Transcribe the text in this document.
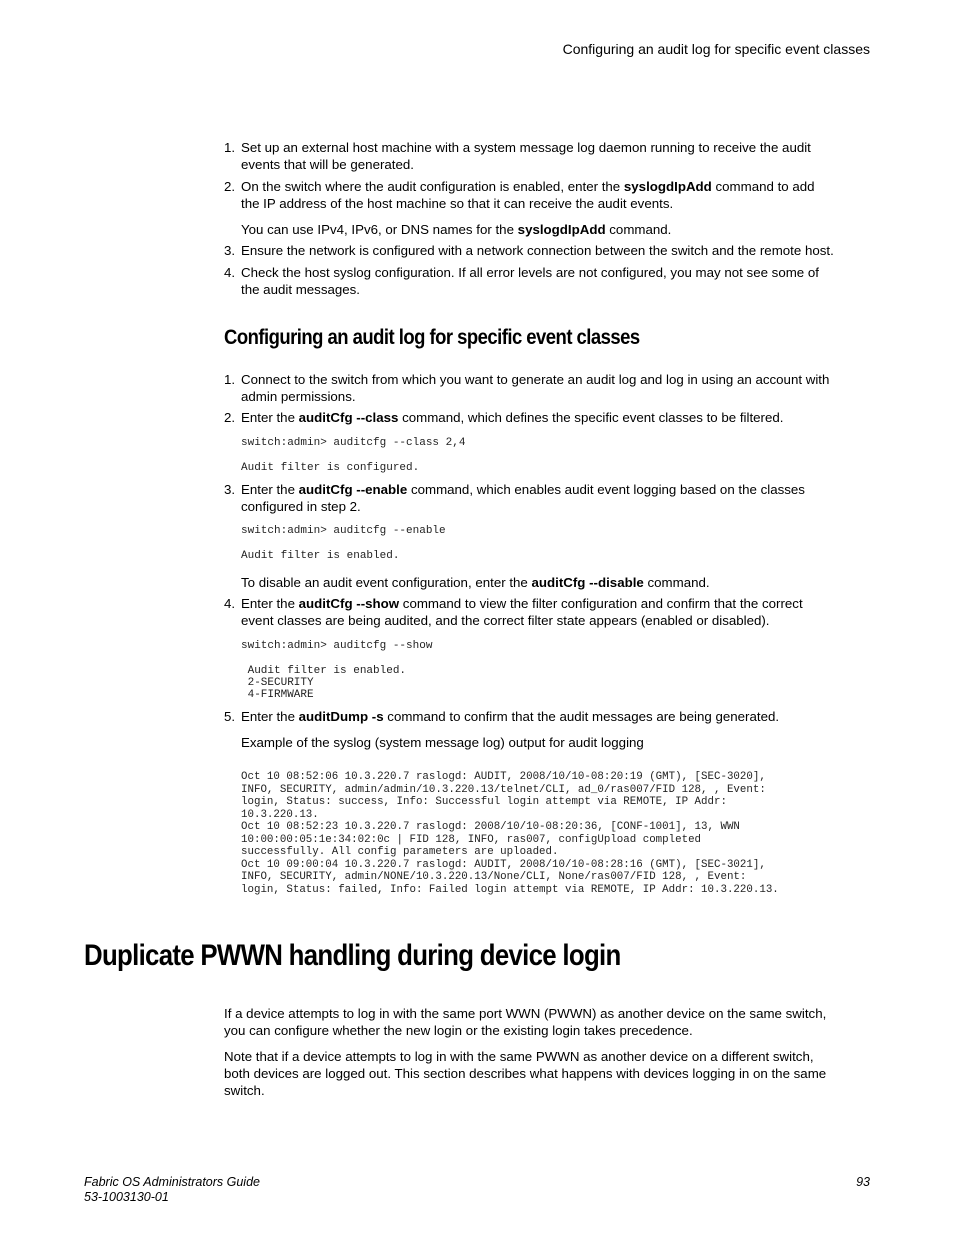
Configuring an audit log for specific event classes
1. Set up an external host machine with a system message log daemon running to receive the audit
events that will be generated.
2. On the switch where the audit configuration is enabled, enter the syslogdIpAdd command to add
the IP address of the host machine so that it can receive the audit events.
You can use IPv4, IPv6, or DNS names for the syslogdIpAdd command.
3. Ensure the network is configured with a network connection between the switch and the remote host.
4. Check the host syslog configuration. If all error levels are not configured, you may not see some of
the audit messages.
Configuring an audit log for specific event classes
1. Connect to the switch from which you want to generate an audit log and log in using an account with
admin permissions.
2. Enter the auditCfg --class command, which defines the specific event classes to be filtered.
switch:admin> auditcfg --class 2,4
Audit filter is configured.
3. Enter the auditCfg --enable command, which enables audit event logging based on the classes
configured in step 2.
switch:admin> auditcfg --enable
Audit filter is enabled.
To disable an audit event configuration, enter the auditCfg --disable command.
4. Enter the auditCfg --show command to view the filter configuration and confirm that the correct
event classes are being audited, and the correct filter state appears (enabled or disabled).
switch:admin> auditcfg --show
Audit filter is enabled.
2-SECURITY
4-FIRMWARE
5. Enter the auditDump -s command to confirm that the audit messages are being generated.
Example of the syslog (system message log) output for audit logging
Oct 10 08:52:06 10.3.220.7 raslogd: AUDIT, 2008/10/10-08:20:19 (GMT), [SEC-3020],
INFO, SECURITY, admin/admin/10.3.220.13/telnet/CLI, ad_0/ras007/FID 128, , Event:
login, Status: success, Info: Successful login attempt via REMOTE, IP Addr:
10.3.220.13.
Oct 10 08:52:23 10.3.220.7 raslogd: 2008/10/10-08:20:36, [CONF-1001], 13, WWN
10:00:00:05:1e:34:02:0c | FID 128, INFO, ras007, configUpload completed
successfully. All config parameters are uploaded.
Oct 10 09:00:04 10.3.220.7 raslogd: AUDIT, 2008/10/10-08:28:16 (GMT), [SEC-3021],
INFO, SECURITY, admin/NONE/10.3.220.13/None/CLI, None/ras007/FID 128, , Event:
login, Status: failed, Info: Failed login attempt via REMOTE, IP Addr: 10.3.220.13.
Duplicate PWWN handling during device login
If a device attempts to log in with the same port WWN (PWWN) as another device on the same switch,
you can configure whether the new login or the existing login takes precedence.
Note that if a device attempts to log in with the same PWWN as another device on a different switch,
both devices are logged out. This section describes what happens with devices logging in on the same
switch.
Fabric OS Administrators Guide
53-1003130-01
93
